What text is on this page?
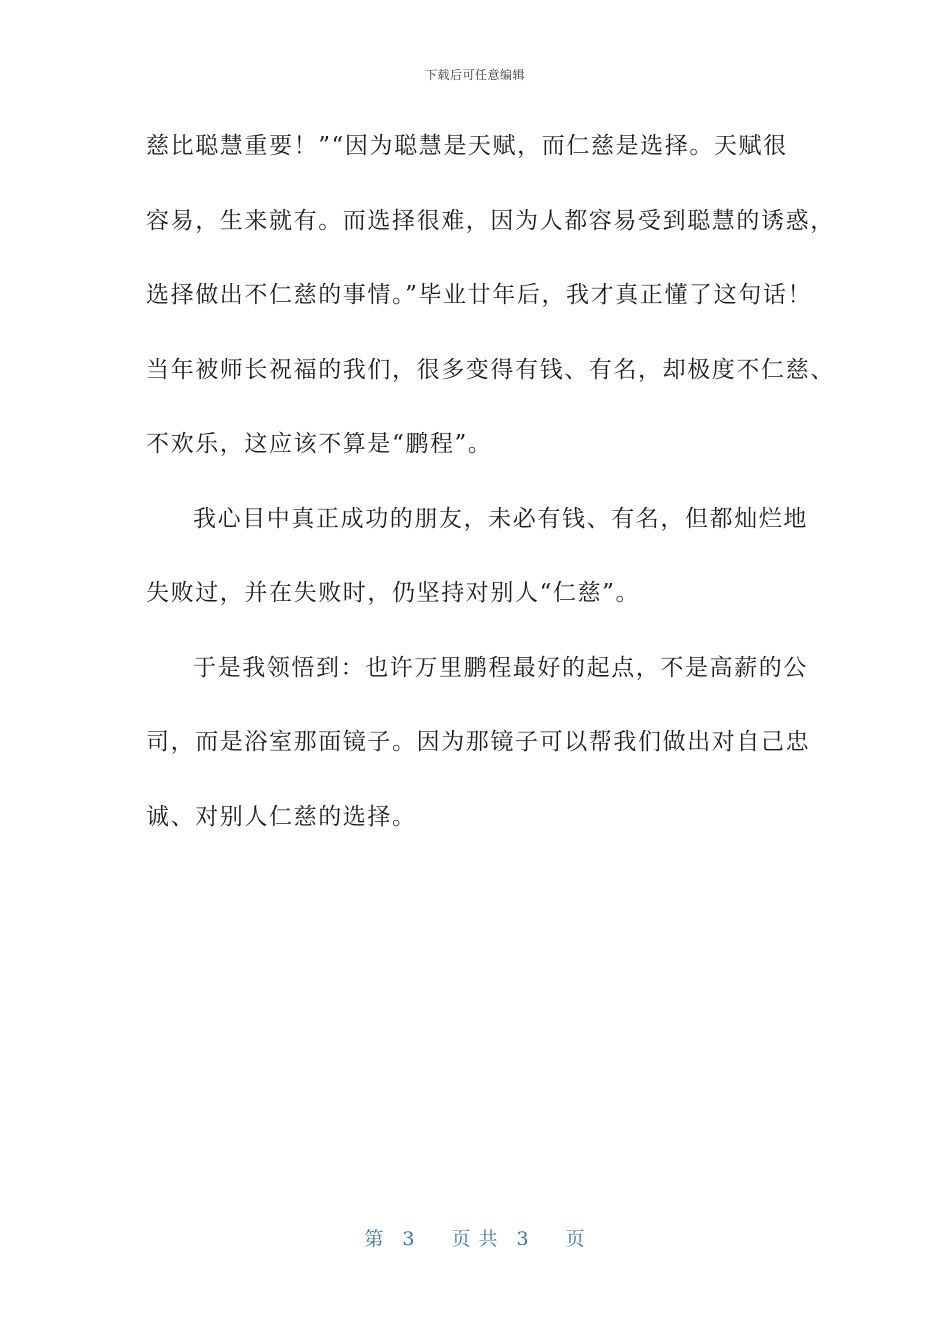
下载后可任意编辑
慈比聪慧重要！”“因为聪慧是天赋，而仁慈是选择。天赋很
容易，生来就有。而选择很难，因为人都容易受到聪慧的诱惑，
选择做出不仁慈的事情。”毕业廿年后，我才真正懂了这句话！
当年被师长祝福的我们，很多变得有钱、有名，却极度不仁慈、
不欢乐，这应该不算是“鹏程”。
我心目中真正成功的朋友，未必有钱、有名，但都灿烂地
失败过，并在失败时，仍坚持对别人“仁慈”。
于是我领悟到：也许万里鹏程最好的起点，不是高薪的公
司，而是浴室那面镜子。因为那镜子可以帮我们做出对自己忠
诚、对别人仁慈的选择。
第 3 页 共 3 页
